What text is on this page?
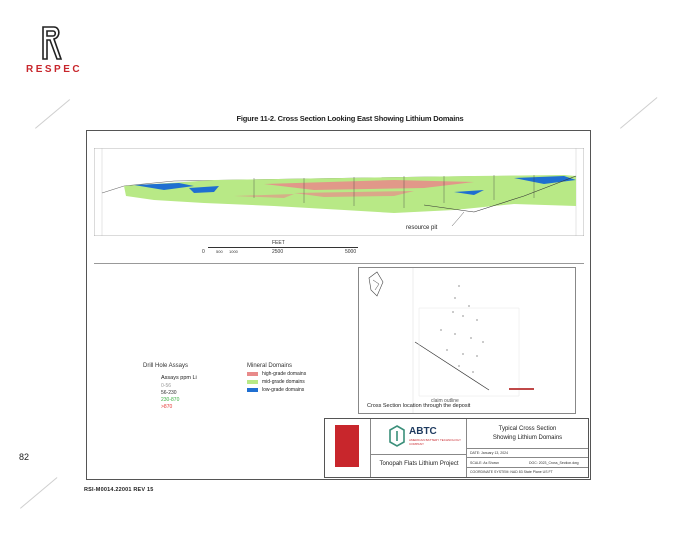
RESPEC
Figure 11-2. Cross Section Looking East Showing Lithium Domains
82
RSI-M0014.22001 REV 15
resource pit
FEET
0	500 1000	2500	5000
Drill Hole Assays
Assays ppm Li
0-56
56-230
230-870
>870
Mineral Domains
high-grade domains
mid-grade domains
low-grade domains
claim outline
Cross Section location through the deposit
ABTC
AMERICAN BATTERY TECHNOLOGY COMPANY
Tonopah Flats Lithium Project
Typical Cross Section
Showing Lithium Domains
DATE: January 13, 2024
SCALE: As Shown	DOC: 2023_Cross_Section.dwg
COORDINATE SYSTEM: NAD 83 State Plane US FT
